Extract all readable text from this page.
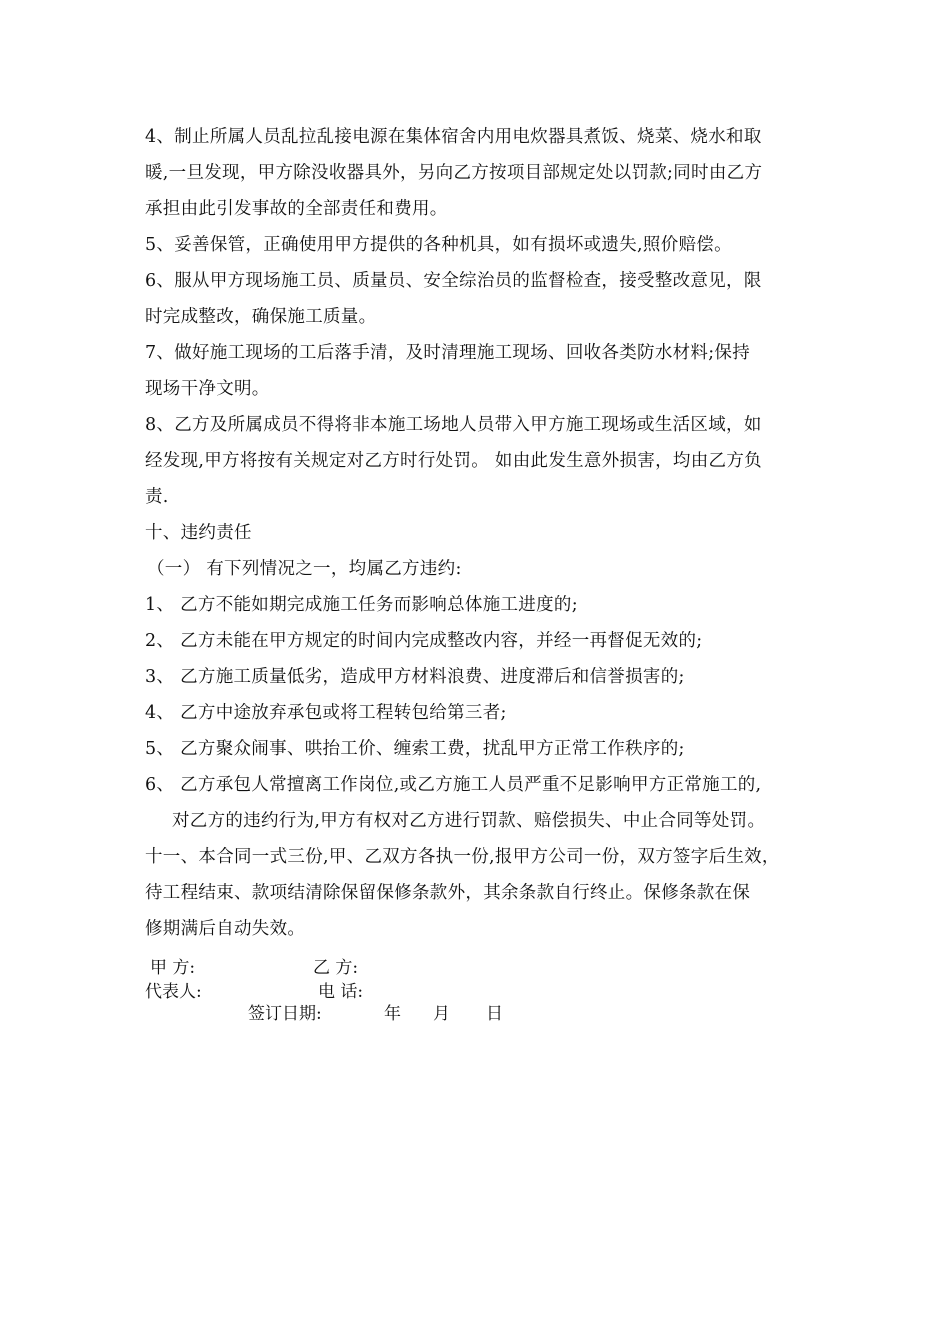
4、制止所属人员乱拉乱接电源在集体宿舍内用电炊器具煮饭、烧菜、烧水和取
暖,一旦发现，甲方除没收器具外，另向乙方按项目部规定处以罚款;同时由乙方
承担由此引发事故的全部责任和费用。
5、妥善保管，正确使用甲方提供的各种机具，如有损坏或遗失,照价赔偿。
6、服从甲方现场施工员、质量员、安全综治员的监督检查，接受整改意见，限
时完成整改，确保施工质量。
7、做好施工现场的工后落手清，及时清理施工现场、回收各类防水材料;保持
现场干净文明。
8、乙方及所属成员不得将非本施工场地人员带入甲方施工现场或生活区域，如
经发现,甲方将按有关规定对乙方时行处罚。 如由此发生意外损害，均由乙方负
责.
十、违约责任
（一） 有下列情况之一，均属乙方违约:
1、 乙方不能如期完成施工任务而影响总体施工进度的;
2、 乙方未能在甲方规定的时间内完成整改内容，并经一再督促无效的;
3、 乙方施工质量低劣，造成甲方材料浪费、进度滞后和信誉损害的;
4、 乙方中途放弃承包或将工程转包给第三者;
5、 乙方聚众闹事、哄抬工价、缠索工费，扰乱甲方正常工作秩序的;
6、 乙方承包人常擅离工作岗位,或乙方施工人员严重不足影响甲方正常施工的,
对乙方的违约行为,甲方有权对乙方进行罚款、赔偿损失、中止合同等处罚。
十一、本合同一式三份,甲、乙双方各执一份,报甲方公司一份，双方签字后生效，
待工程结束、款项结清除保留保修条款外，其余条款自行终止。保修条款在保
修期满后自动失效。
甲 方:	乙 方:
代表人:	电 话:
签订日期:	年 月 日
